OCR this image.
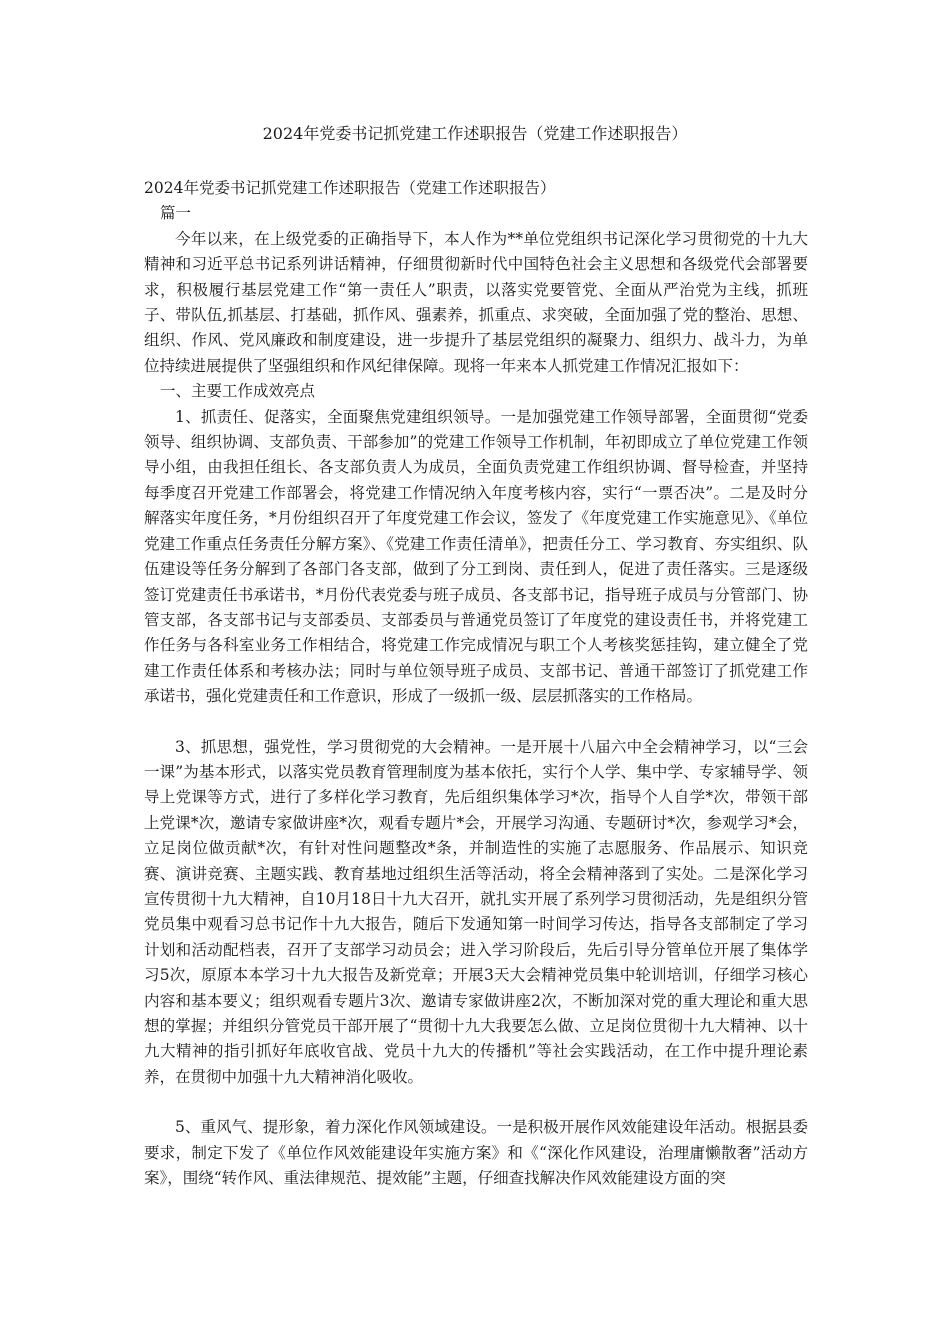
2024年党委书记抓党建工作述职报告（党建工作述职报告）

2024年党委书记抓党建工作述职报告（党建工作述职报告）

篇一

今年以来，在上级党委的正确指导下，本人作为**单位党组织书记深化学习贯彻党的十九大精神和习近平总书记系列讲话精神，仔细贯彻新时代中国特色社会主义思想和各级党代会部署要求，积极履行基层党建工作“第一责任人”职责，以落实党要管党、全面从严治党为主线，抓班子、带队伍,抓基层、打基础，抓作风、强素养，抓重点、求突破，全面加强了党的整治、思想、组织、作风、党风廉政和制度建设，进一步提升了基层党组织的凝聚力、组织力、战斗力，为单位持续进展提供了坚强组织和作风纪律保障。现将一年来本人抓党建工作情况汇报如下：

一、主要工作成效亮点

1、抓责任、促落实，全面聚焦党建组织领导。一是加强党建工作领导部署，全面贯彻“党委领导、组织协调、支部负责、干部参加”的党建工作领导工作机制，年初即成立了单位党建工作领导小组，由我担任组长、各支部负责人为成员，全面负责党建工作组织协调、督导检查，并坚持每季度召开党建工作部署会，将党建工作情况纳入年度考核内容，实行“一票否决”。二是及时分解落实年度任务，*月份组织召开了年度党建工作会议，签发了《年度党建工作实施意见》、《单位党建工作重点任务责任分解方案》、《党建工作责任清单》，把责任分工、学习教育、夯实组织、队伍建设等任务分解到了各部门各支部，做到了分工到岗、责任到人，促进了责任落实。三是逐级签订党建责任书承诺书，*月份代表党委与班子成员、各支部书记，指导班子成员与分管部门、协管支部，各支部书记与支部委员、支部委员与普通党员签订了年度党的建设责任书，并将党建工作任务与各科室业务工作相结合，将党建工作完成情况与职工个人考核奖惩挂钩，建立健全了党建工作责任体系和考核办法；同时与单位领导班子成员、支部书记、普通干部签订了抓党建工作承诺书，强化党建责任和工作意识，形成了一级抓一级、层层抓落实的工作格局。

3、抓思想，强党性，学习贯彻党的大会精神。一是开展十八届六中全会精神学习，以“三会一课”为基本形式，以落实党员教育管理制度为基本依托，实行个人学、集中学、专家辅导学、领导上党课等方式，进行了多样化学习教育，先后组织集体学习*次，指导个人自学*次，带领干部上党课*次，邀请专家做讲座*次，观看专题片*会，开展学习沟通、专题研讨*次，参观学习*会，立足岗位做贡献*次，有针对性问题整改*条，并制造性的实施了志愿服务、作品展示、知识竞赛、演讲竞赛、主题实践、教育基地过组织生活等活动，将全会精神落到了实处。二是深化学习宣传贯彻十九大精神，自10月18日十九大召开，就扎实开展了系列学习贯彻活动，先是组织分管党员集中观看习总书记作十九大报告，随后下发通知第一时间学习传达，指导各支部制定了学习计划和活动配档表，召开了支部学习动员会；进入学习阶段后，先后引导分管单位开展了集体学习5次，原原本本学习十九大报告及新党章；开展3天大会精神党员集中轮训培训，仔细学习核心内容和基本要义；组织观看专题片3次、邀请专家做讲座2次，不断加深对党的重大理论和重大思想的掌握；并组织分管党员干部开展了“贯彻十九大我要怎么做、立足岗位贯彻十九大精神、以十九大精神的指引抓好年底收官战、党员十九大的传播机”等社会实践活动，在工作中提升理论素养，在贯彻中加强十九大精神消化吸收。

5、重风气、提形象，着力深化作风领域建设。一是积极开展作风效能建设年活动。根据县委要求，制定下发了《单位作风效能建设年实施方案》和《“深化作风建设，治理庸懒散奢”活动方案》，围绕“转作风、重法律规范、提效能”主题，仔细查找解决作风效能建设方面的突
